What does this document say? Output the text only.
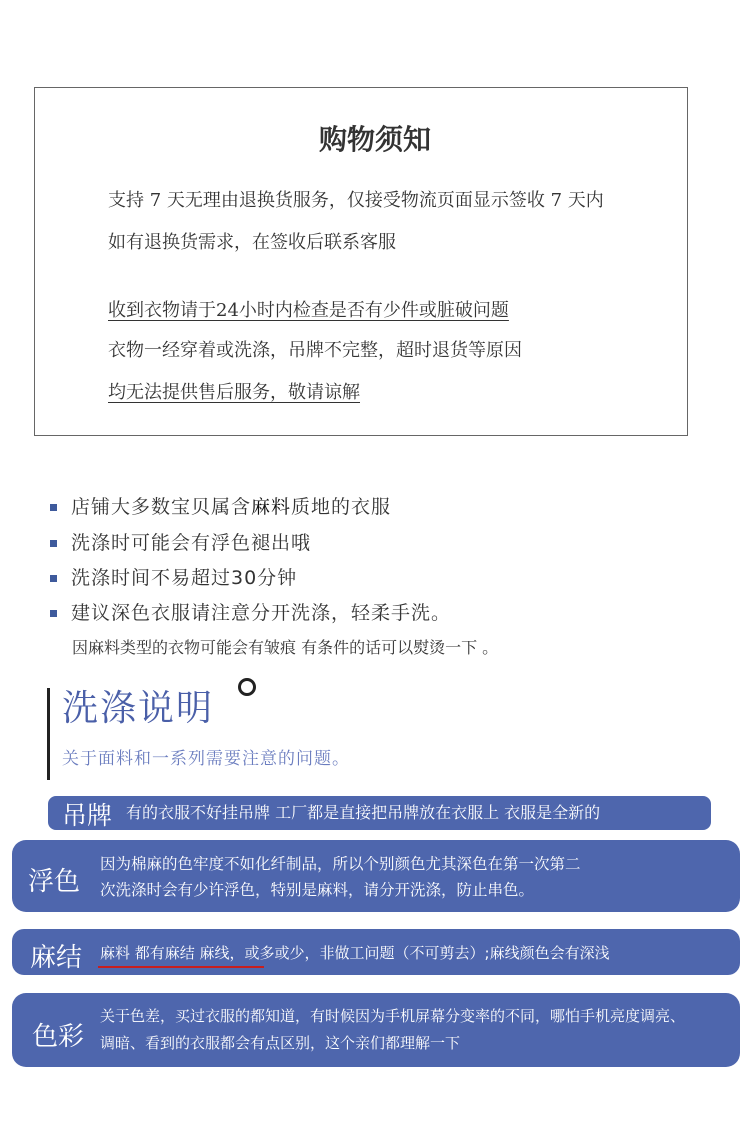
购物须知
支持 7 天无理由退换货服务，仅接受物流页面显示签收 7 天内
如有退换货需求，在签收后联系客服
收到衣物请于24小时内检查是否有少件或脏破问题
衣物一经穿着或洗涤，吊牌不完整，超时退货等原因
均无法提供售后服务，敬请谅解
店铺大多数宝贝属含麻料质地的衣服
洗涤时可能会有浮色褪出哦
洗涤时间不易超过30分钟
建议深色衣服请注意分开洗涤，轻柔手洗。
因麻料类型的衣物可能会有皱痕 有条件的话可以熨烫一下 。
洗涤说明
关于面料和一系列需要注意的问题。
吊牌 有的衣服不好挂吊牌 工厂都是直接把吊牌放在衣服上 衣服是全新的
浮色
因为棉麻的色牢度不如化纤制品，所以个别颜色尤其深色在第一次第二
次洗涤时会有少许浮色，特别是麻料，请分开洗涤，防止串色。
麻结 麻料 都有麻结 麻线，或多或少，非做工问题（不可剪去）;麻线颜色会有深浅
色彩
关于色差，买过衣服的都知道，有时候因为手机屏幕分变率的不同，哪怕手机亮度调亮、
调暗、看到的衣服都会有点区别，这个亲们都理解一下
